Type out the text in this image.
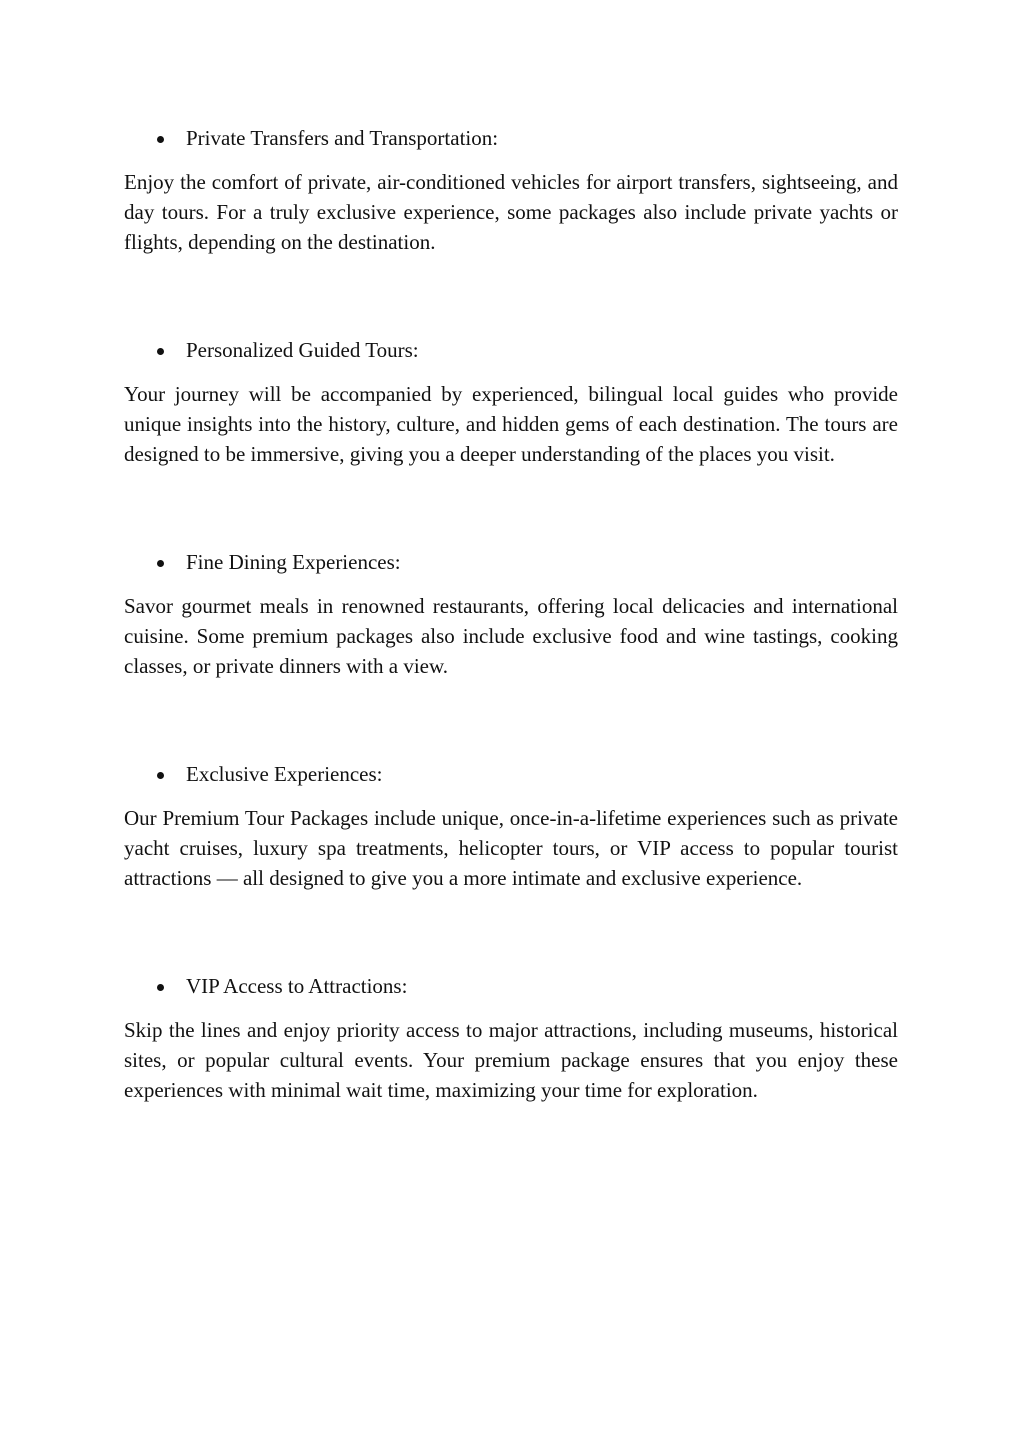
Private Transfers and Transportation:

Enjoy the comfort of private, air-conditioned vehicles for airport transfers, sightseeing, and day tours. For a truly exclusive experience, some packages also include private yachts or flights, depending on the destination.

Personalized Guided Tours:

Your journey will be accompanied by experienced, bilingual local guides who provide unique insights into the history, culture, and hidden gems of each destination. The tours are designed to be immersive, giving you a deeper understanding of the places you visit.

Fine Dining Experiences:

Savor gourmet meals in renowned restaurants, offering local delicacies and international cuisine. Some premium packages also include exclusive food and wine tastings, cooking classes, or private dinners with a view.

Exclusive Experiences:

Our Premium Tour Packages include unique, once-in-a-lifetime experiences such as private yacht cruises, luxury spa treatments, helicopter tours, or VIP access to popular tourist attractions — all designed to give you a more intimate and exclusive experience.

VIP Access to Attractions:

Skip the lines and enjoy priority access to major attractions, including museums, historical sites, or popular cultural events. Your premium package ensures that you enjoy these experiences with minimal wait time, maximizing your time for exploration.
